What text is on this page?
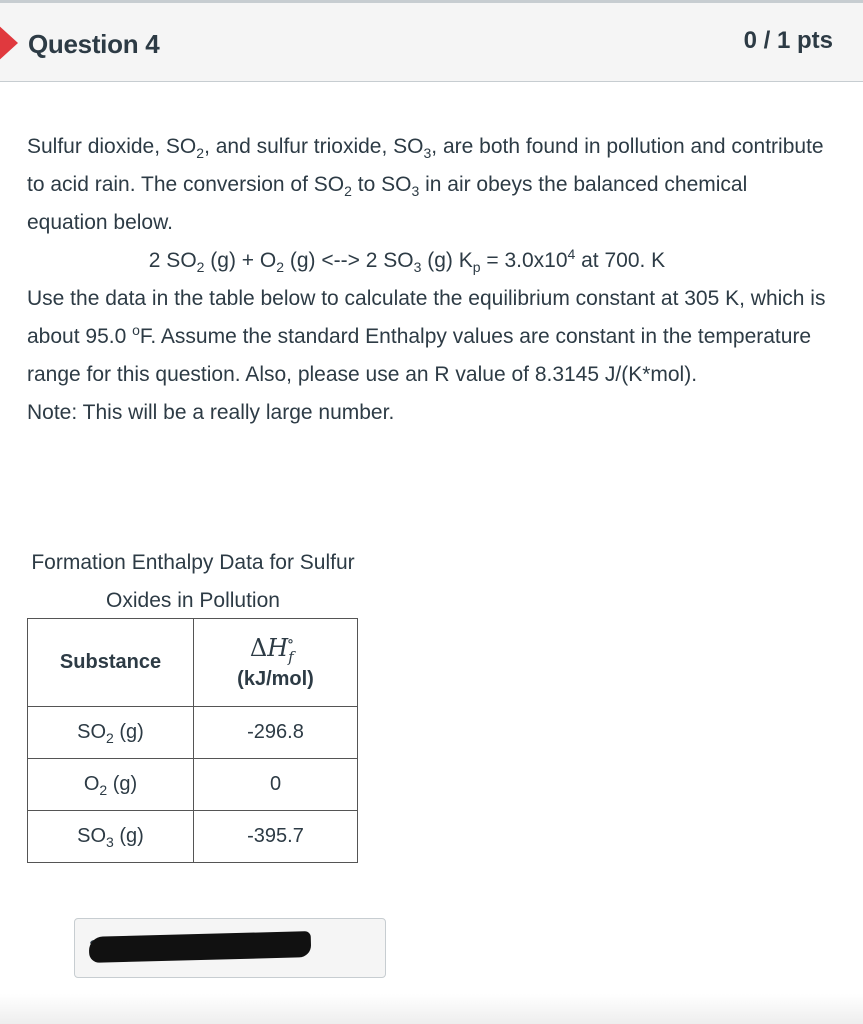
Question 4	0 / 1 pts

Sulfur dioxide, $SO_2$, and sulfur trioxide, $SO_3$, are both found in pollution and contribute to acid rain. The conversion of $SO_2$ to $SO_3$ in air obeys the balanced chemical equation below.

2 $SO_2$ $(g) + O_2$ (g) <--> 2 $SO_3$ (g) $K_p = 3.0x10^4$ at 700. K

Use the data in the table below to calculate the equilibrium constant at 305 K, which is about 95.0 $^o$F. Assume the standard Enthalpy values are constant in the temperature range for this question. Also, please use an R value of 8.3145 J/(K*mol).

Note: This will be a really large number.

Formation Enthalpy Data for Sulfur Oxides in Pollution
Substance	$\Delta H_f^\circ$
(kJ/mol)
$SO_2$ (g)	-296.8
$O_2$ (g)	0
$SO_3$ (g)	-395.7
